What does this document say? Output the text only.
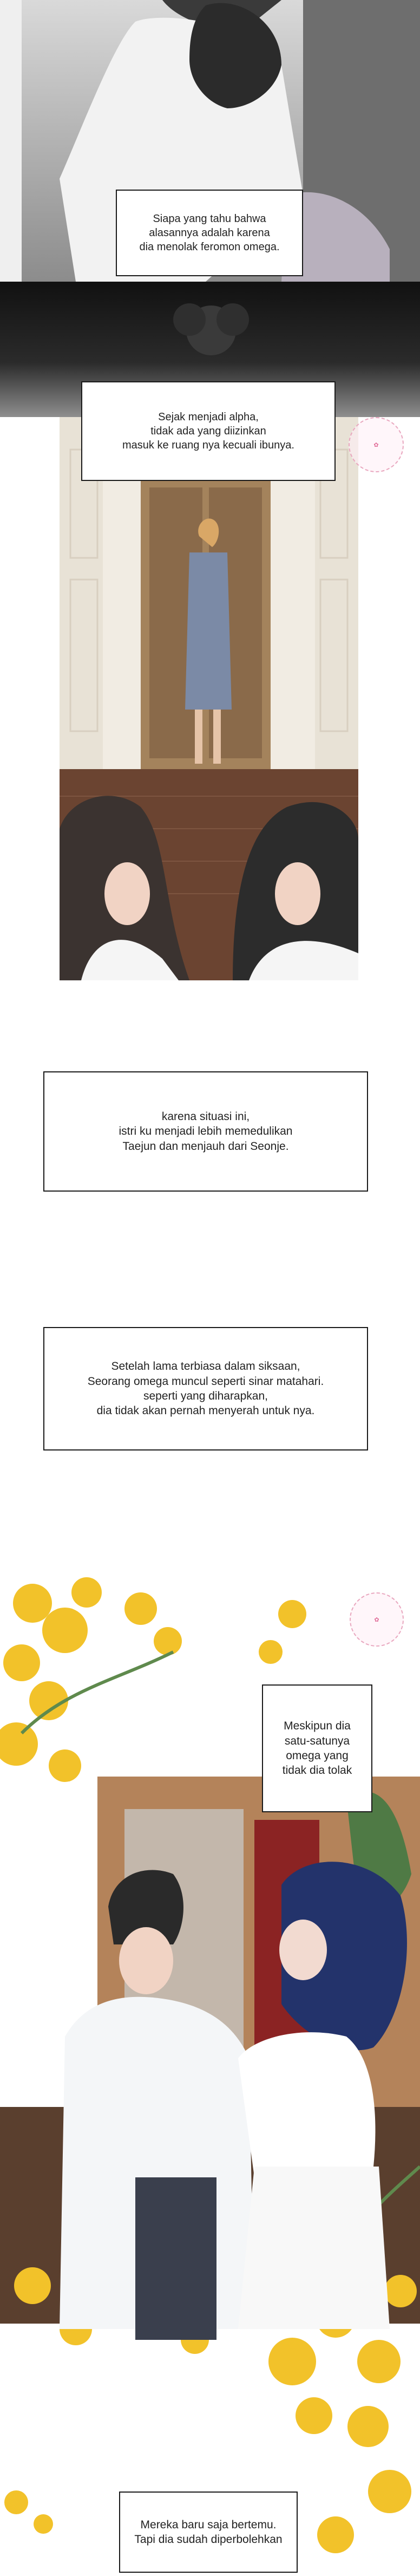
Siapa yang tahu bahwa
alasannya adalah karena
dia menolak feromon omega.
Sejak menjadi alpha,
tidak ada yang diizinkan
masuk ke ruang nya kecuali ibunya.	✿
karena situasi ini,
istri ku menjadi lebih memedulikan
Taejun dan menjauh dari Seonje.
Setelah lama terbiasa dalam siksaan,
Seorang omega muncul seperti sinar matahari.
seperti yang diharapkan,
dia tidak akan pernah menyerah untuk nya.
✿
Meskipun dia
satu-satunya
omega yang
tidak dia tolak
Mereka baru saja bertemu.
Tapi dia sudah diperbolehkan
